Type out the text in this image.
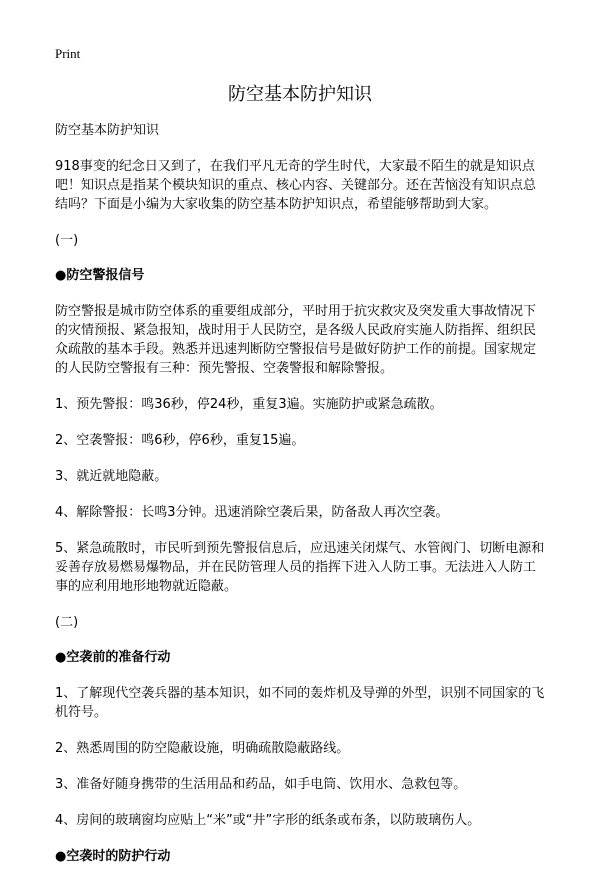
Print
防空基本防护知识

防空基本防护知识

918事变的纪念日又到了，在我们平凡无奇的学生时代，大家最不陌生的就是知识点吧！知识点是指某个模块知识的重点、核心内容、关键部分。还在苦恼没有知识点总结吗？下面是小编为大家收集的防空基本防护知识点，希望能够帮助到大家。

(一)

●防空警报信号

防空警报是城市防空体系的重要组成部分，平时用于抗灾救灾及突发重大事故情况下的灾情预报、紧急报知，战时用于人民防空，是各级人民政府实施人防指挥、组织民众疏散的基本手段。熟悉并迅速判断防空警报信号是做好防护工作的前提。国家规定的人民防空警报有三种：预先警报、空袭警报和解除警报。

1、预先警报：鸣36秒，停24秒，重复3遍。实施防护或紧急疏散。

2、空袭警报：鸣6秒，停6秒，重复15遍。

3、就近就地隐蔽。

4、解除警报：长鸣3分钟。迅速消除空袭后果，防备敌人再次空袭。

5、紧急疏散时，市民听到预先警报信息后，应迅速关闭煤气、水管阀门、切断电源和妥善存放易燃易爆物品，并在民防管理人员的指挥下进入人防工事。无法进入人防工事的应利用地形地物就近隐蔽。

(二)

●空袭前的准备行动

1、了解现代空袭兵器的基本知识，如不同的轰炸机及导弹的外型，识别不同国家的飞机符号。

2、熟悉周围的防空隐蔽设施，明确疏散隐蔽路线。

3、准备好随身携带的生活用品和药品，如手电筒、饮用水、急救包等。

4、房间的玻璃窗均应贴上“米”或“井”字形的纸条或布条，以防玻璃伤人。

●空袭时的防护行动
